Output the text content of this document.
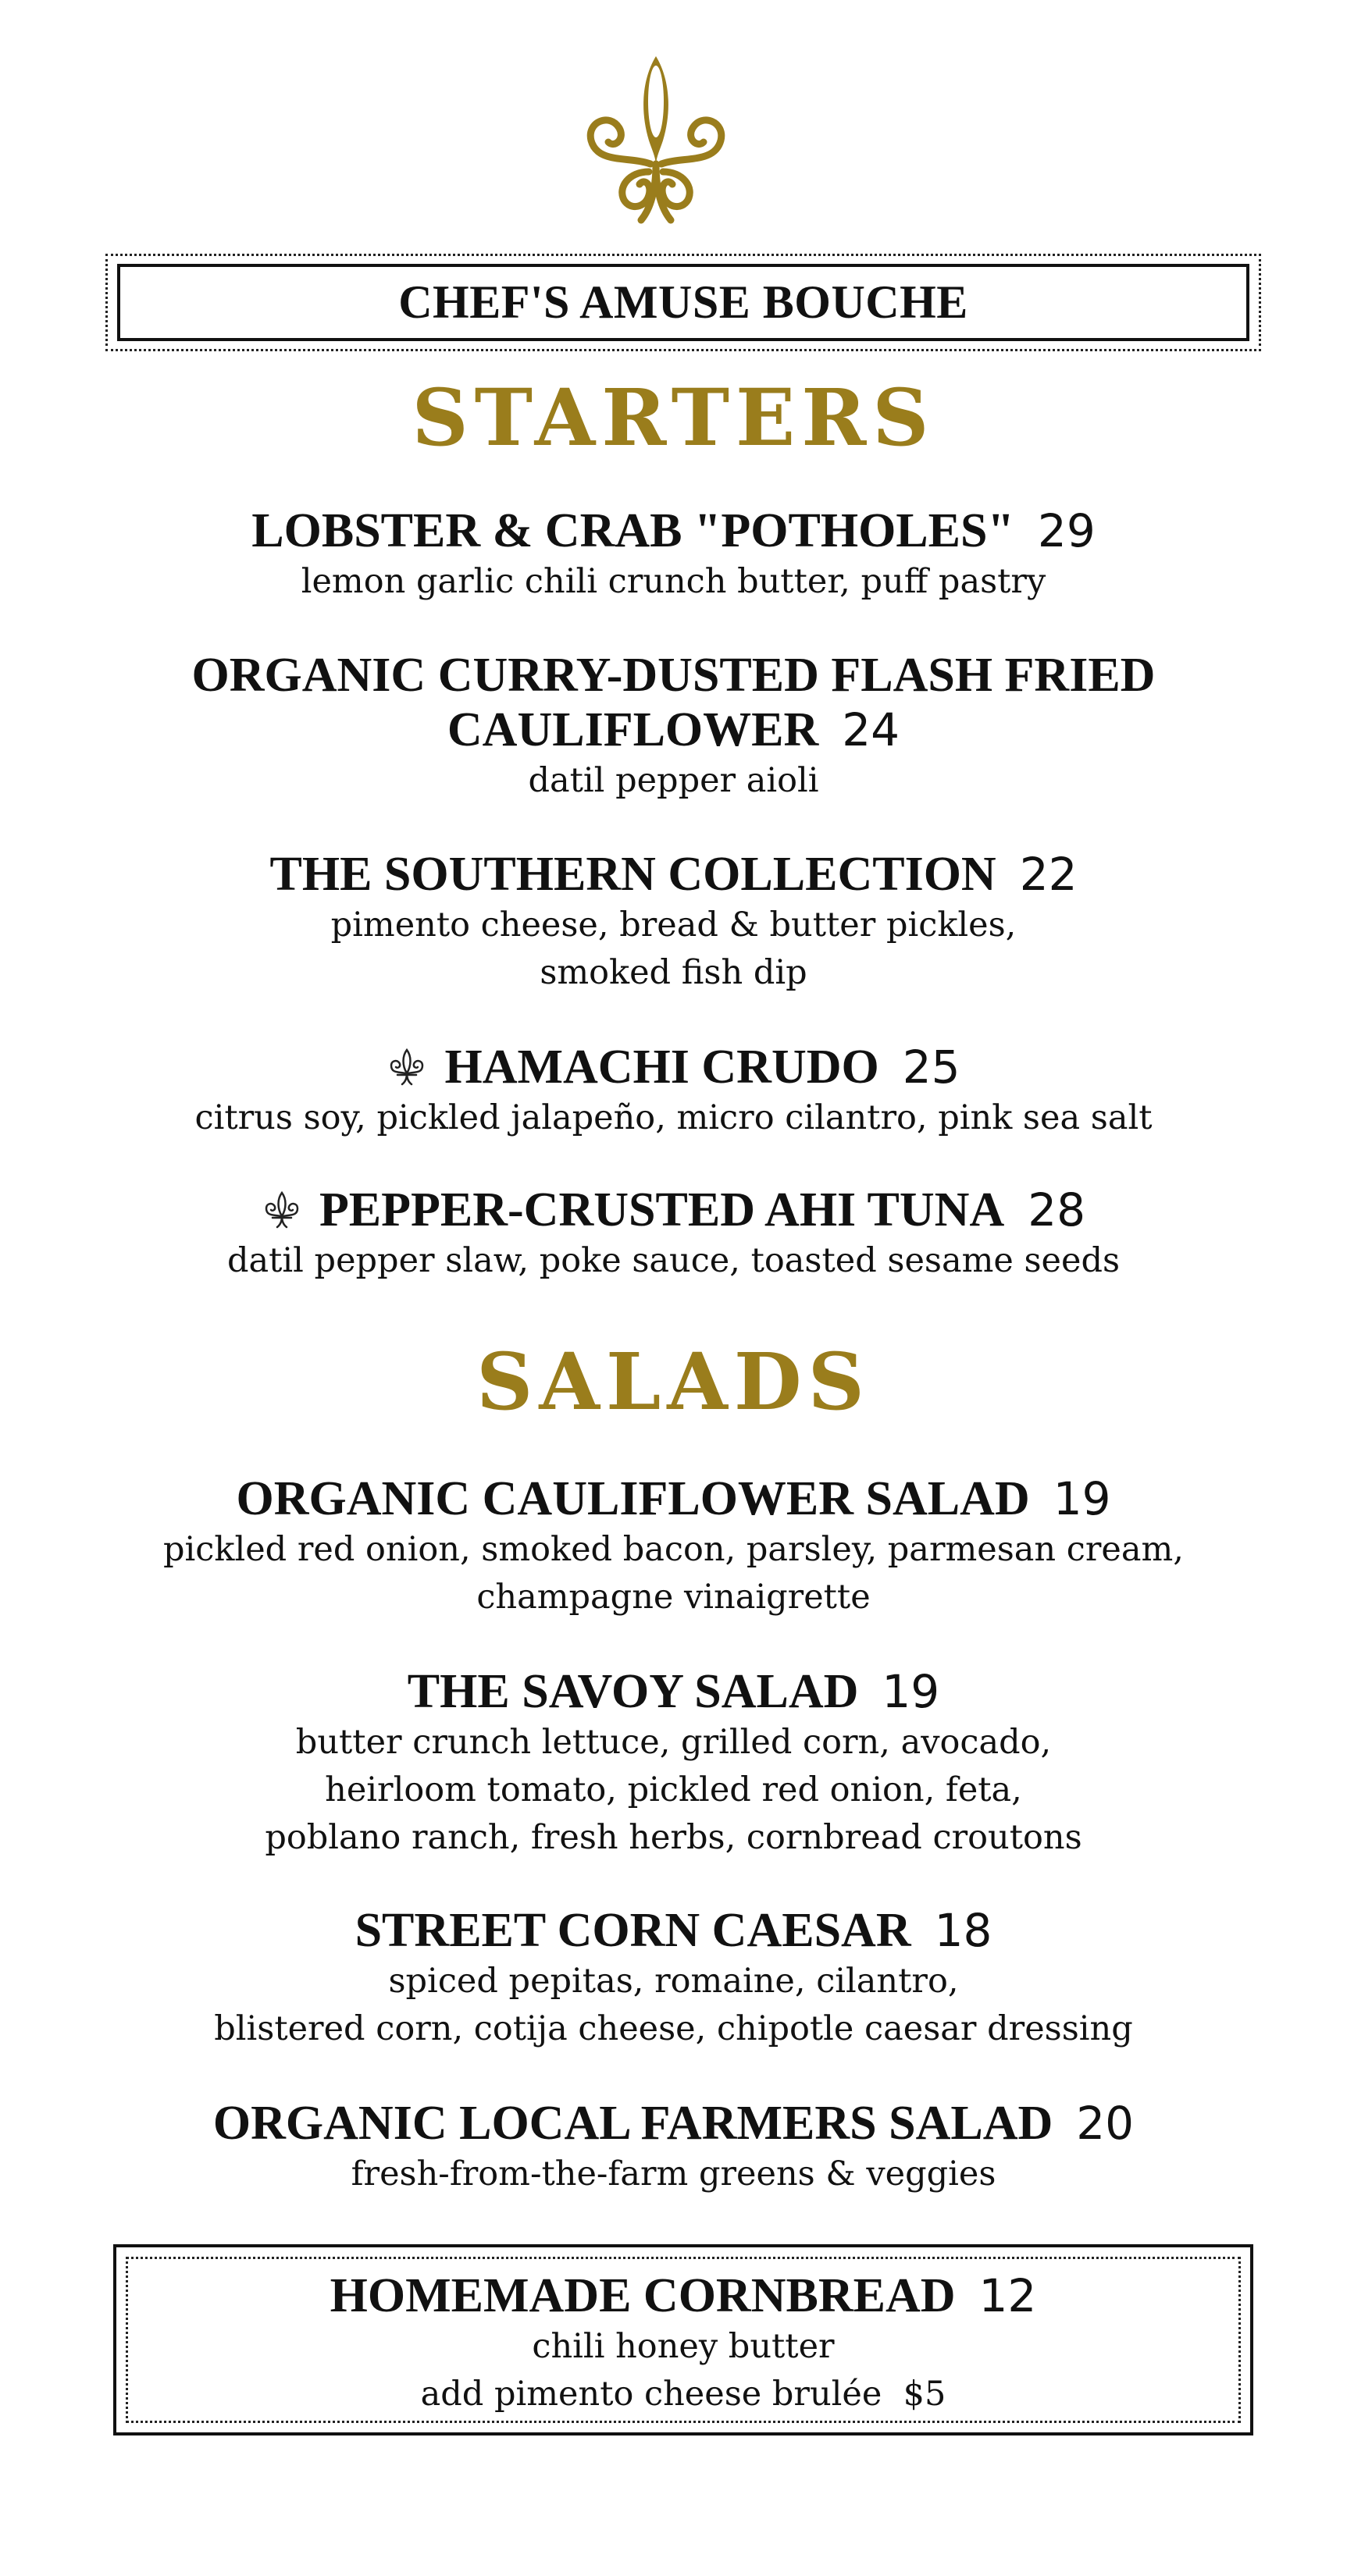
CHEF'S AMUSE BOUCHE
STARTERS
LOBSTER & CRAB "POTHOLES" 29
lemon garlic chili crunch butter, puff pastry
ORGANIC CURRY-DUSTED FLASH FRIED
CAULIFLOWER 24
datil pepper aioli
THE SOUTHERN COLLECTION 22
pimento cheese, bread & butter pickles,
smoked fish dip
HAMACHI CRUDO 25
citrus soy, pickled jalapeño, micro cilantro, pink sea salt
PEPPER-CRUSTED AHI TUNA 28
datil pepper slaw, poke sauce, toasted sesame seeds
SALADS
ORGANIC CAULIFLOWER SALAD 19
pickled red onion, smoked bacon, parsley, parmesan cream,
champagne vinaigrette
THE SAVOY SALAD 19
butter crunch lettuce, grilled corn, avocado,
heirloom tomato, pickled red onion, feta,
poblano ranch, fresh herbs, cornbread croutons
STREET CORN CAESAR 18
spiced pepitas, romaine, cilantro,
blistered corn, cotija cheese, chipotle caesar dressing
ORGANIC LOCAL FARMERS SALAD 20
fresh-from-the-farm greens & veggies
HOMEMADE CORNBREAD 12
chili honey butter
add pimento cheese brulée  $5
